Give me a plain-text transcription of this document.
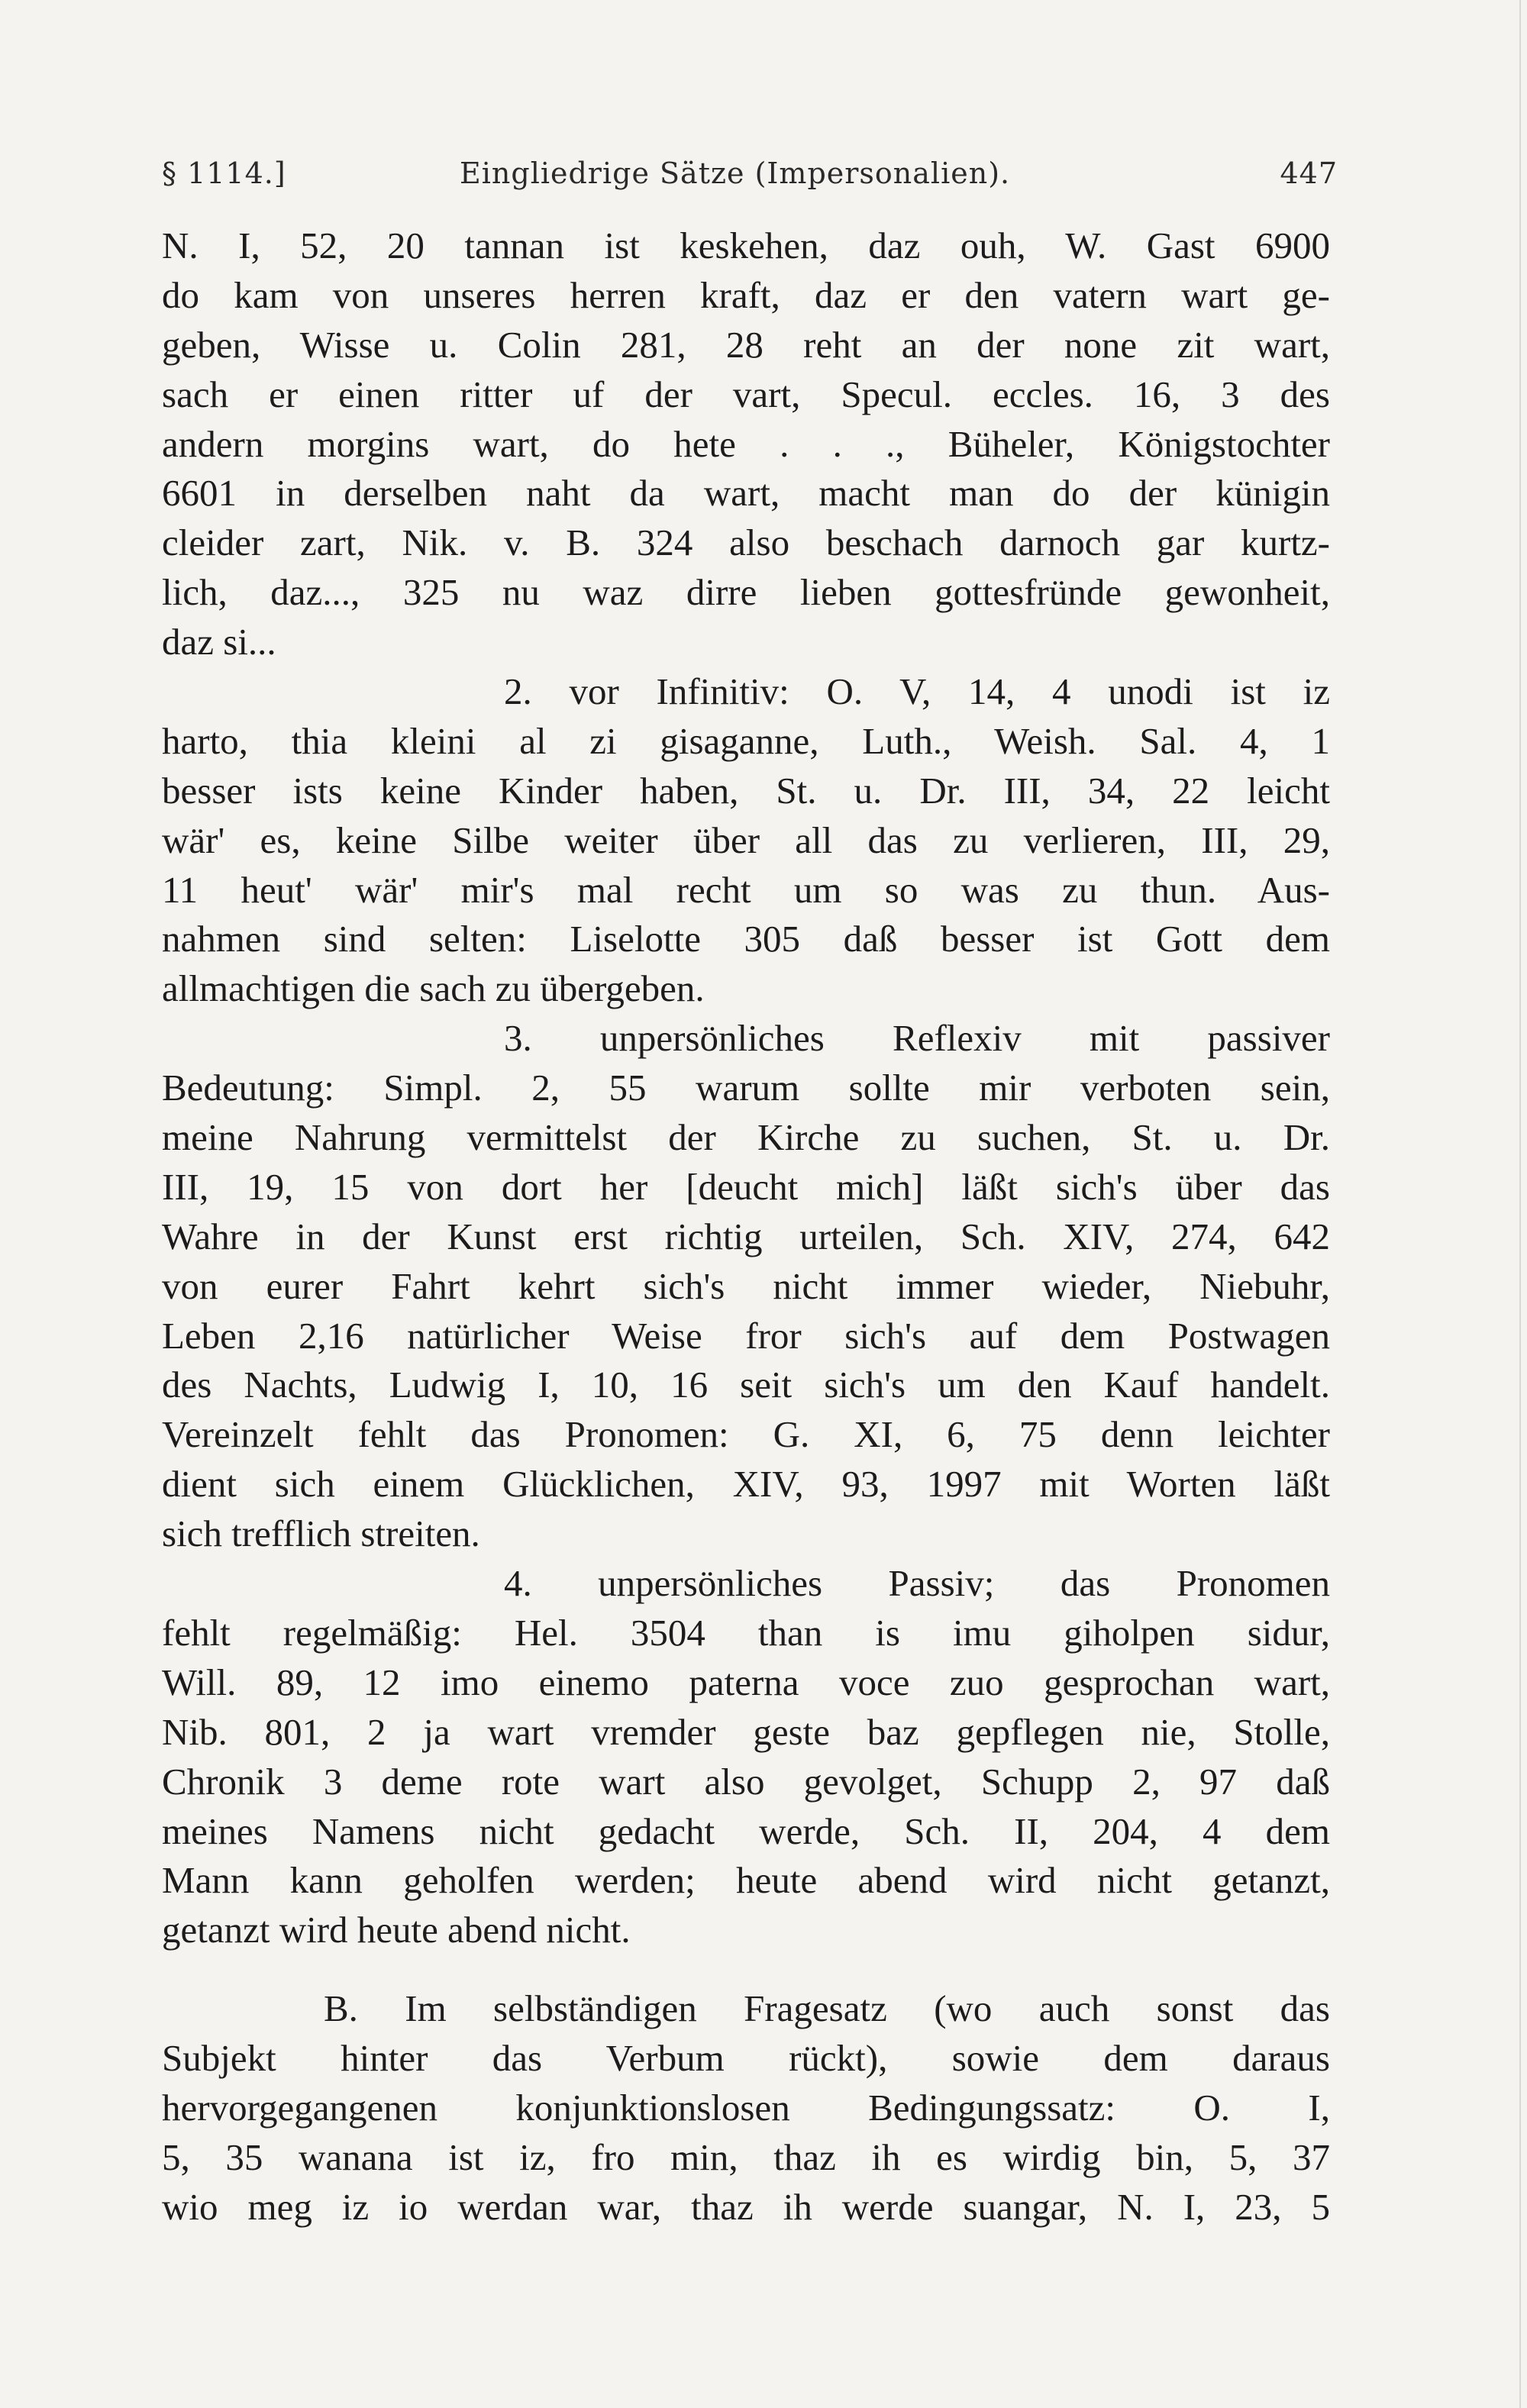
§ 1114.]	Eingliedrige Sätze (Impersonalien).	447
N. I, 52, 20 tannan ist keskehen, daz ouh, W. Gast 6900
do kam von unseres herren kraft, daz er den vatern wart ge-
geben, Wisse u. Colin 281, 28 reht an der none zit wart,
sach er einen ritter uf der vart, Specul. eccles. 16, 3 des
andern morgins wart, do hete . . ., Büheler, Königstochter
6601 in derselben naht da wart, macht man do der künigin
cleider zart, Nik. v. B. 324 also beschach darnoch gar kurtz-
lich, daz..., 325 nu waz dirre lieben gottesfründe gewonheit,
daz si...
2. vor Infinitiv: O. V, 14, 4 unodi ist iz
harto, thia kleini al zi gisaganne, Luth., Weish. Sal. 4, 1
besser ists keine Kinder haben, St. u. Dr. III, 34, 22 leicht
wär' es, keine Silbe weiter über all das zu verlieren, III, 29,
11 heut' wär' mir's mal recht um so was zu thun. Aus-
nahmen sind selten: Liselotte 305 daß besser ist Gott dem
allmachtigen die sach zu übergeben.
3. unpersönliches Reflexiv mit passiver
Bedeutung: Simpl. 2, 55 warum sollte mir verboten sein,
meine Nahrung vermittelst der Kirche zu suchen, St. u. Dr.
III, 19, 15 von dort her [deucht mich] läßt sich's über das
Wahre in der Kunst erst richtig urteilen, Sch. XIV, 274, 642
von eurer Fahrt kehrt sich's nicht immer wieder, Niebuhr,
Leben 2,16 natürlicher Weise fror sich's auf dem Postwagen
des Nachts, Ludwig I, 10, 16 seit sich's um den Kauf handelt.
Vereinzelt fehlt das Pronomen: G. XI, 6, 75 denn leichter
dient sich einem Glücklichen, XIV, 93, 1997 mit Worten läßt
sich trefflich streiten.
4. unpersönliches Passiv; das Pronomen
fehlt regelmäßig: Hel. 3504 than is imu giholpen sidur,
Will. 89, 12 imo einemo paterna voce zuo gesprochan wart,
Nib. 801, 2 ja wart vremder geste baz gepflegen nie, Stolle,
Chronik 3 deme rote wart also gevolget, Schupp 2, 97 daß
meines Namens nicht gedacht werde, Sch. II, 204, 4 dem
Mann kann geholfen werden; heute abend wird nicht getanzt,
getanzt wird heute abend nicht.
B. Im selbständigen Fragesatz (wo auch sonst das
Subjekt hinter das Verbum rückt), sowie dem daraus
hervorgegangenen konjunktionslosen Bedingungssatz: O. I,
5, 35 wanana ist iz, fro min, thaz ih es wirdig bin, 5, 37
wio meg iz io werdan war, thaz ih werde suangar, N. I, 23, 5
